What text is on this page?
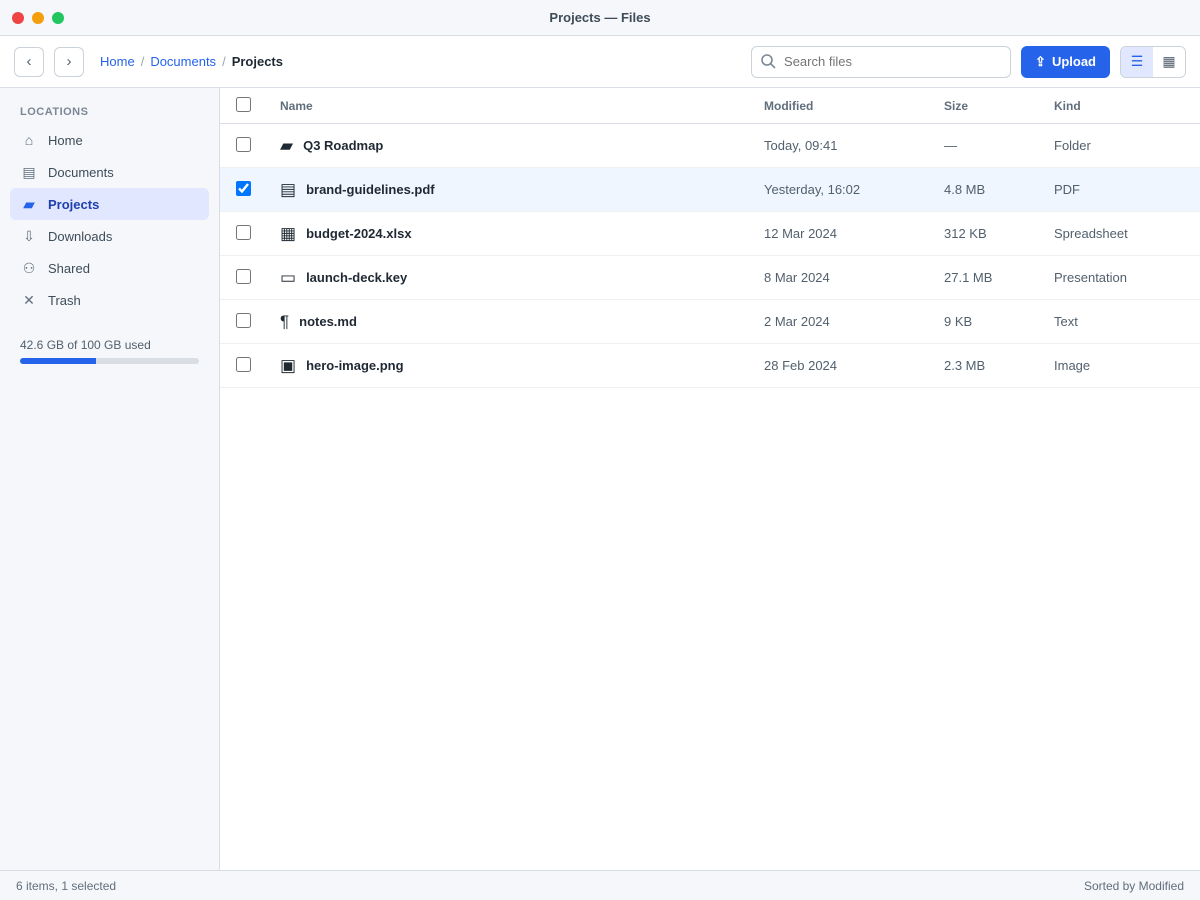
Projects — Files
‹	›	Home / Documents / Projects
Search files	⇪ Upload	☰	▦
LOCATIONS
⌂	Home
▤ Documents
▰ Projects
⇩ Downloads
⚇ Shared
✕ Trash
42.6 GB of 100 GB used
Name	Modified	Size	Kind
▰ Q3 Roadmap	Today, 09:41	—	Folder
▤ brand-guidelines.pdf	Yesterday, 16:02	4.8 MB	PDF
▦ budget-2024.xlsx	12 Mar 2024	312 KB	Spreadsheet
▭ launch-deck.key	8 Mar 2024	27.1 MB	Presentation
¶ notes.md	2 Mar 2024	9 KB	Text
▣ hero-image.png	28 Feb 2024	2.3 MB	Image
6 items, 1 selected	Sorted by Modified
